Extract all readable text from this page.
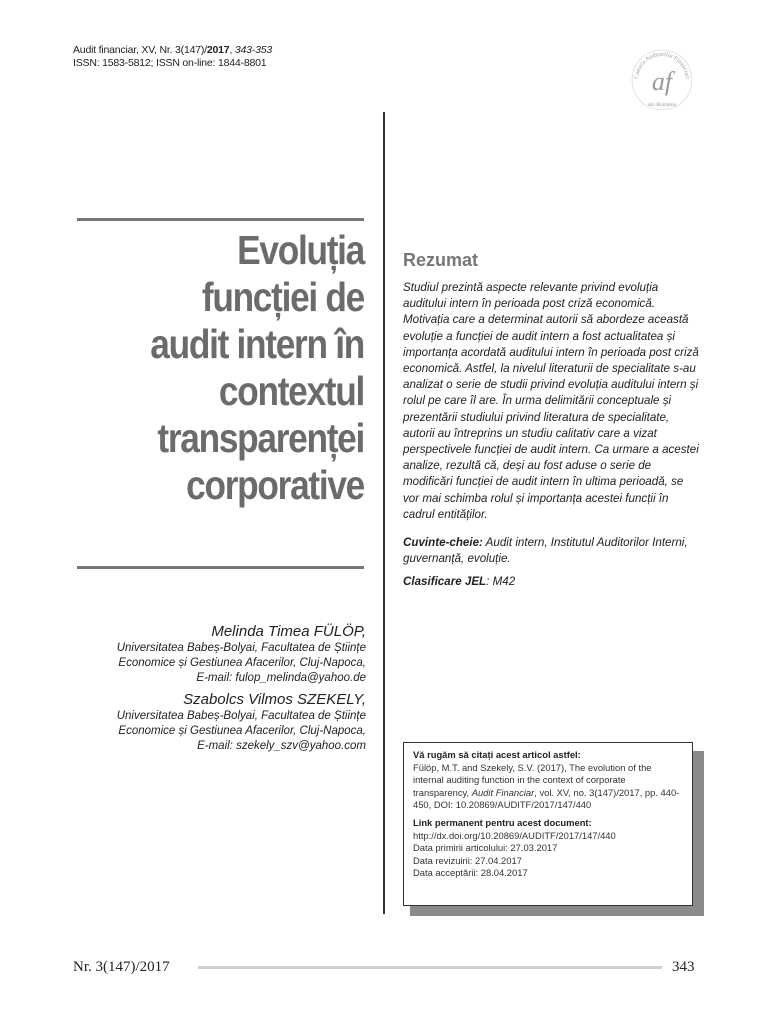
Audit financiar, XV, Nr. 3(147)/2017, 343-353
ISSN: 1583-5812; ISSN on-line: 1844-8801
Camera Auditorilor Financiari
af
din România
Evoluția
funcției de
audit intern în
contextul
transparenței
corporative

Melinda Timea FÜLÖP,

Universitatea Babeș-Bolyai, Facultatea de Științe

Economice și Gestiunea Afacerilor, Cluj-Napoca,

E-mail: fulop_melinda@yahoo.de

Szabolcs Vilmos SZEKELY,

Universitatea Babeș-Bolyai, Facultatea de Științe

Economice și Gestiunea Afacerilor, Cluj-Napoca,

E-mail: szekely_szv@yahoo.com

Rezumat
Studiul prezintă aspecte relevante privind evoluția auditului intern în perioada post criză economică. Motivația care a determinat autorii să abordeze această evoluție a funcției de audit intern a fost actualitatea și importanța acordată auditului intern în perioada post criză economică. Astfel, la nivelul literaturii de specialitate s-au analizat o serie de studii privind evoluția auditului intern și rolul pe care îl are. În urma delimitării conceptuale și prezentării studiului privind literatura de specialitate, autorii au întreprins un studiu calitativ care a vizat perspectivele funcției de audit intern. Ca urmare a acestei analize, rezultă că, deși au fost aduse o serie de modificări funcției de audit intern în ultima perioadă, se vor mai schimba rolul și importanța acestei funcții în cadrul entităților.
Cuvinte-cheie: Audit intern, Institutul Auditorilor Interni, guvernanță, evoluție.
Clasificare JEL: M42

Vă rugăm să citați acest articol astfel:

Fülöp, M.T. and Szekely, S.V. (2017), The evolution of the internal auditing function in the context of corporate transparency, Audit Financiar, vol. XV, no. 3(147)/2017, pp. 440-450, DOI: 10.20869/AUDITF/2017/147/440

Link permanent pentru acest document:

http://dx.doi.org/10.20869/AUDITF/2017/147/440

Data primirii articolului: 27.03.2017

Data revizuirii: 27.04.2017

Data acceptării: 28.04.2017

Nr. 3(147)/2017	343
